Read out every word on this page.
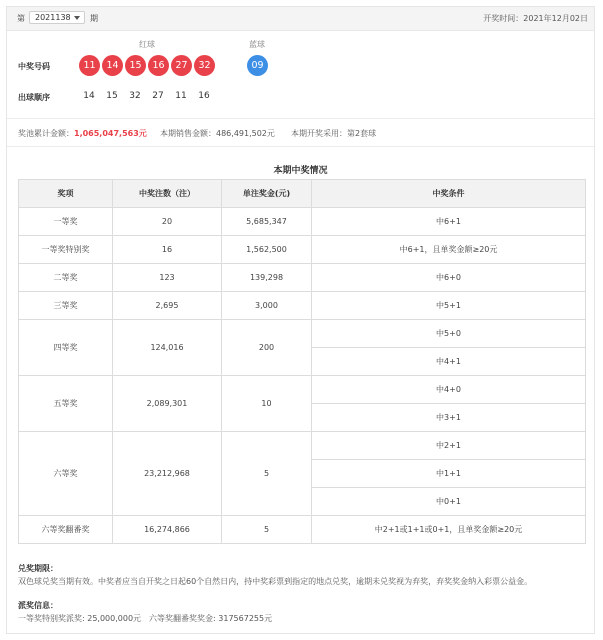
第	2021138	期	开奖时间：2021年12月02日
红球	蓝球
中奖号码	11	14	15	16	27	32	09
出球顺序	14	15	32	27	11	16
奖池累计金额：1,065,047,563元 本期销售金额：486,491,502元 本期开奖采用：第2套球
本期中奖情况
奖项	中奖注数（注）	单注奖金(元)	中奖条件
一等奖	20	5,685,347	中6+1
一等奖特别奖	16	1,562,500	中6+1，且单奖金额≥20元
二等奖	123	139,298	中6+0
三等奖	2,695	3,000	中5+1
四等奖	124,016	200	中5+0
			中4+1
五等奖	2,089,301	10	中4+0
			中3+1
六等奖	23,212,968	5	中2+1
			中1+1
			中0+1
六等奖翻番奖	16,274,866	5	中2+1或1+1或0+1，且单奖金额≥20元
兑奖期限：
双色球兑奖当期有效。中奖者应当自开奖之日起60个自然日内，持中奖彩票到指定的地点兑奖，逾期未兑奖视为弃奖，弃奖奖金纳入彩票公益金。
派奖信息：
一等奖特别奖派奖: 25,000,000元　六等奖翻番奖奖金: 317567255元
